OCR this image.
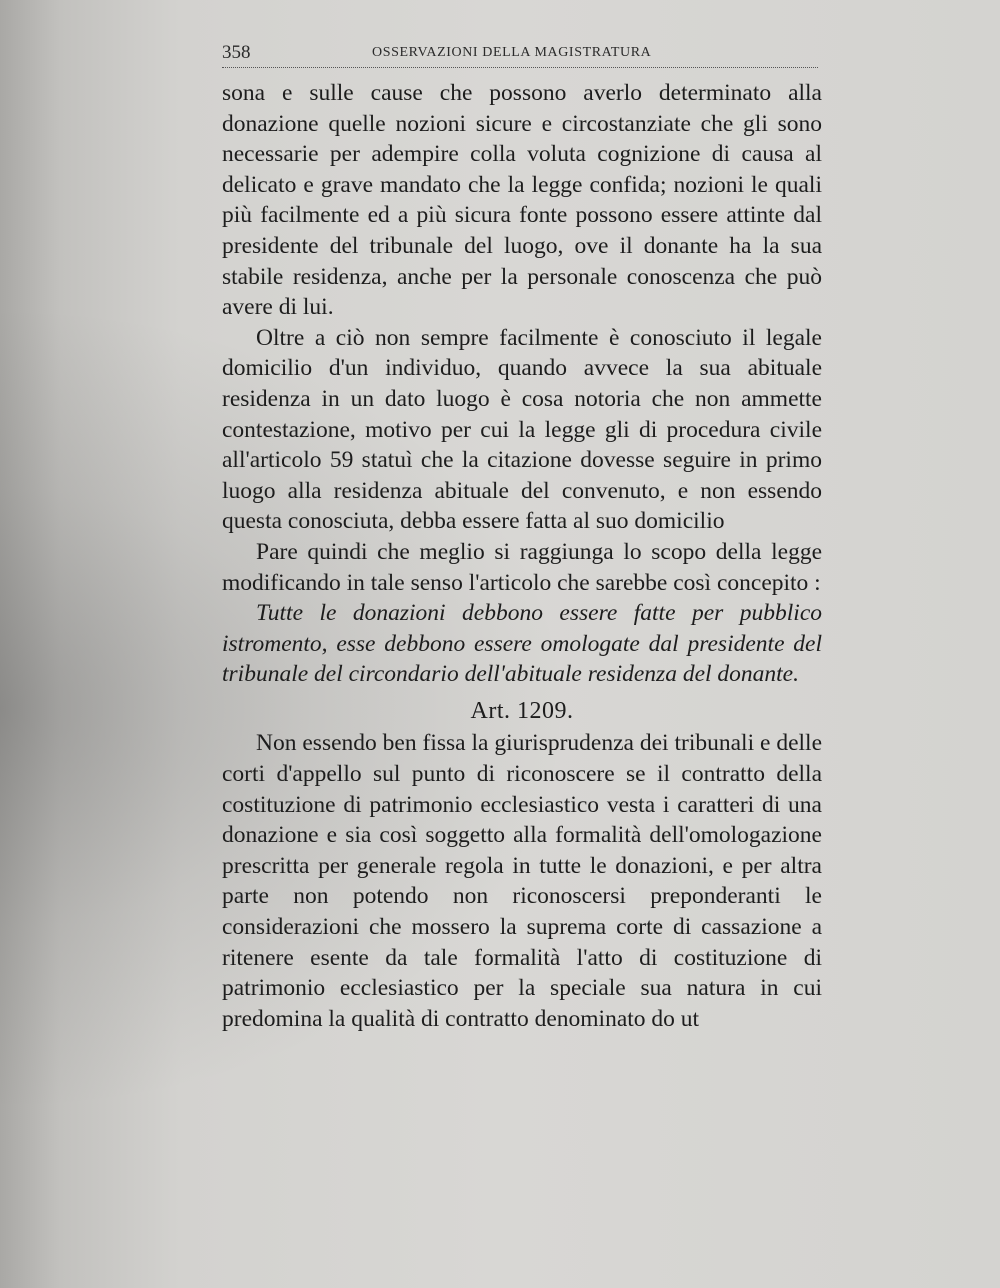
358	OSSERVAZIONI DELLA MAGISTRATURA

sona e sulle cause che possono averlo determinato alla donazione quelle nozioni sicure e circostanziate che gli sono necessarie per adempire colla voluta cognizione di causa al delicato e grave mandato che la legge confida; nozioni le quali più facilmente ed a più sicura fonte possono essere attinte dal presidente del tribunale del luogo, ove il donante ha la sua stabile residenza, anche per la personale conoscenza che può avere di lui.

Oltre a ciò non sempre facilmente è conosciuto il legale domicilio d'un individuo, quando avvece la sua abituale residenza in un dato luogo è cosa notoria che non ammette contestazione, motivo per cui la legge gli di procedura civile all'articolo 59 statuì che la citazione dovesse seguire in primo luogo alla residenza abituale del convenuto, e non essendo questa conosciuta, debba essere fatta al suo domicilio

Pare quindi che meglio si raggiunga lo scopo della legge modificando in tale senso l'articolo che sarebbe così concepito :

Tutte le donazioni debbono essere fatte per pubblico istromento, esse debbono essere omologate dal presidente del tribunale del circondario dell'abituale residenza del donante.

Art. 1209.

Non essendo ben fissa la giurisprudenza dei tribunali e delle corti d'appello sul punto di riconoscere se il contratto della costituzione di patrimonio ecclesiastico vesta i caratteri di una donazione e sia così soggetto alla formalità dell'omologazione prescritta per generale regola in tutte le donazioni, e per altra parte non potendo non riconoscersi preponderanti le considerazioni che mossero la suprema corte di cassazione a ritenere esente da tale formalità l'atto di costituzione di patrimonio ecclesiastico per la speciale sua natura in cui predomina la qualità di contratto denominato do ut
